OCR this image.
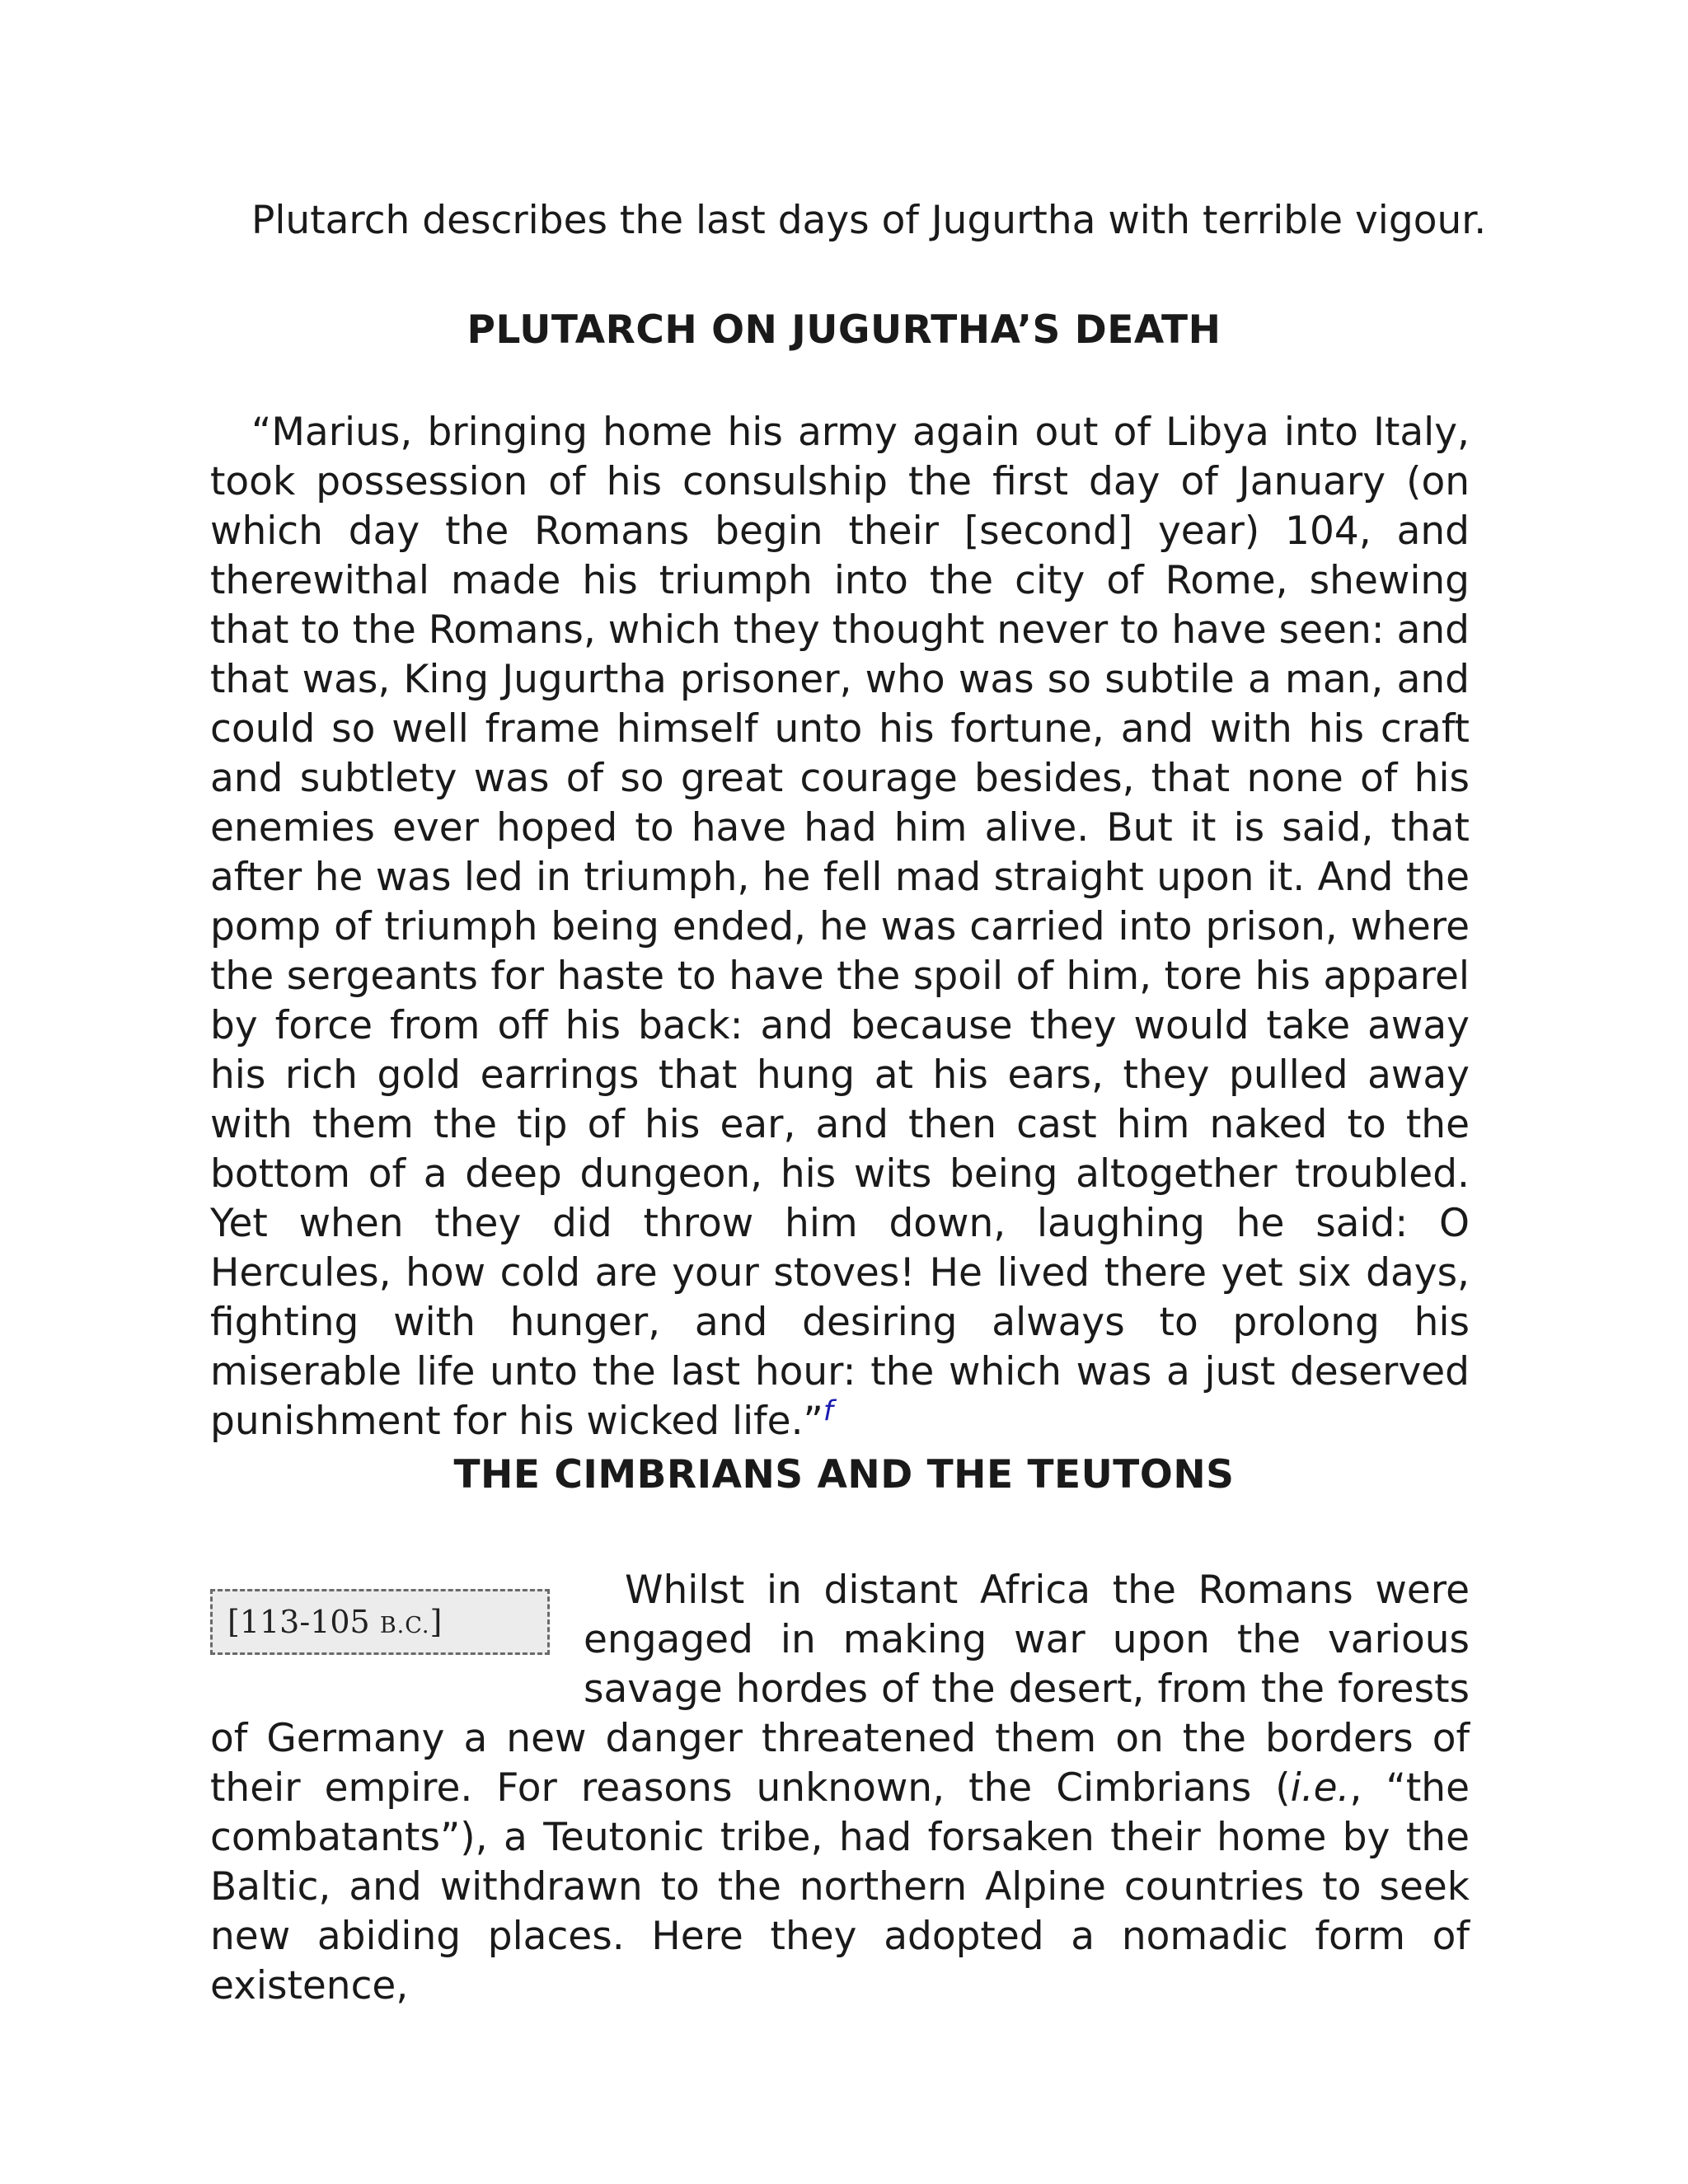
Plutarch describes the last days of Jugurtha with terrible vigour.
PLUTARCH ON JUGURTHA’S DEATH
“Marius, bringing home his army again out of Libya into Italy, took possession of his consulship the first day of January (on which day the Romans begin their [second] year) 104, and therewithal made his triumph into the city of Rome, shewing that to the Romans, which they thought never to have seen: and that was, King Jugurtha prisoner, who was so subtile a man, and could so well frame himself unto his fortune, and with his craft and subtlety was of so great courage besides, that none of his enemies ever hoped to have had him alive. But it is said, that after he was led in triumph, he fell mad straight upon it. And the pomp of triumph being ended, he was carried into prison, where the sergeants for haste to have the spoil of him, tore his apparel by force from off his back: and because they would take away his rich gold earrings that hung at his ears, they pulled away with them the tip of his ear, and then cast him naked to the bottom of a deep dungeon, his wits being altogether troubled. Yet when they did throw him down, laughing he said: O Hercules, how cold are your stoves! He lived there yet six days, fighting with hunger, and desiring always to prolong his miserable life unto the last hour: the which was a just deserved punishment for his wicked life.”$^f$
THE CIMBRIANS AND THE TEUTONS
[113-105 B.C.]

Whilst in distant Africa the Romans were engaged in making war upon the various savage hordes of the desert, from the forests of Germany a new danger threatened them on the borders of their empire. For reasons unknown, the Cimbrians (i.e., “the combatants”), a Teutonic tribe, had forsaken their home by the Baltic, and withdrawn to the northern Alpine countries to seek new abiding places. Here they adopted a nomadic form of existence,
